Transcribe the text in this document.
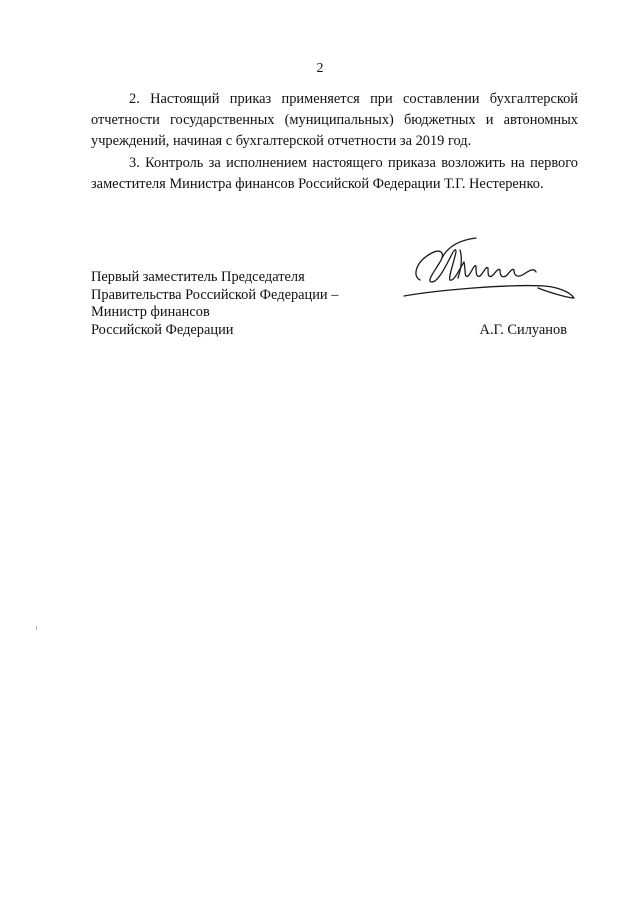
2

2. Настоящий приказ применяется при составлении бухгалтерской отчетности государственных (муниципальных) бюджетных и автономных учреждений, начиная с бухгалтерской отчетности за 2019 год.

3. Контроль за исполнением настоящего приказа возложить на первого заместителя Министра финансов Российской Федерации Т.Г. Нестеренко.

Первый заместитель Председателя
Правительства Российской Федерации –
Министр финансов
Российской Федерации	А.Г. Силуанов
